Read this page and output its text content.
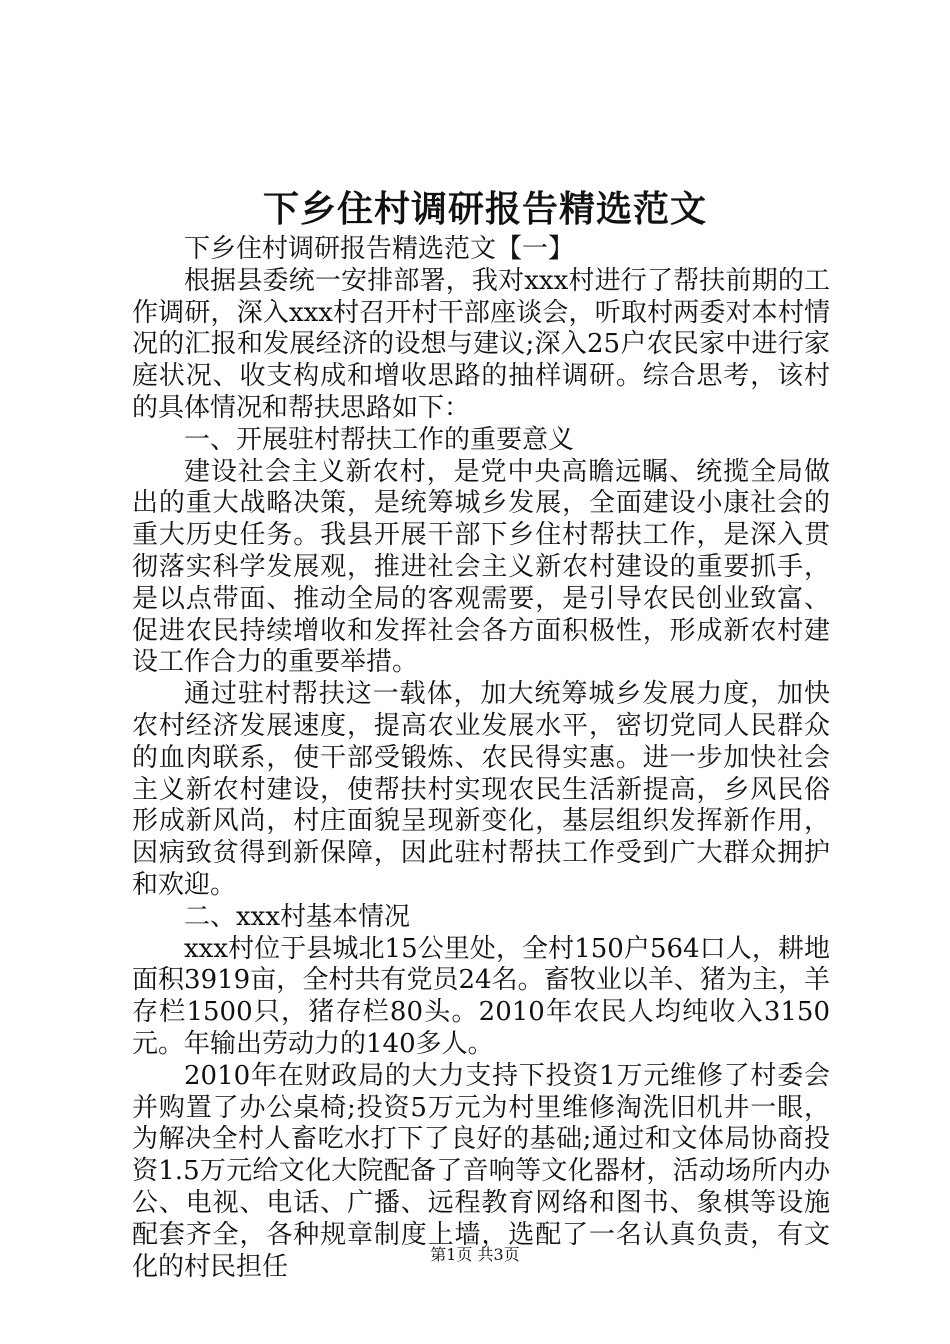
下乡住村调研报告精选范文

下乡住村调研报告精选范文【一】

根据县委统一安排部署，我对xxx村进行了帮扶前期的工作调研，深入xxx村召开村干部座谈会，听取村两委对本村情况的汇报和发展经济的设想与建议;深入25户农民家中进行家庭状况、收支构成和增收思路的抽样调研。综合思考，该村的具体情况和帮扶思路如下：

一、开展驻村帮扶工作的重要意义

建设社会主义新农村，是党中央高瞻远瞩、统揽全局做出的重大战略决策，是统筹城乡发展，全面建设小康社会的重大历史任务。我县开展干部下乡住村帮扶工作，是深入贯彻落实科学发展观，推进社会主义新农村建设的重要抓手，是以点带面、推动全局的客观需要，是引导农民创业致富、促进农民持续增收和发挥社会各方面积极性，形成新农村建设工作合力的重要举措。

通过驻村帮扶这一载体，加大统筹城乡发展力度，加快农村经济发展速度，提高农业发展水平，密切党同人民群众的血肉联系，使干部受锻炼、农民得实惠。进一步加快社会主义新农村建设，使帮扶村实现农民生活新提高，乡风民俗形成新风尚，村庄面貌呈现新变化，基层组织发挥新作用，因病致贫得到新保障，因此驻村帮扶工作受到广大群众拥护和欢迎。

二、xxx村基本情况

xxx村位于县城北15公里处，全村150户564口人，耕地面积3919亩，全村共有党员24名。畜牧业以羊、猪为主，羊存栏1500只，猪存栏80头。2010年农民人均纯收入3150元。年输出劳动力的140多人。

2010年在财政局的大力支持下投资1万元维修了村委会并购置了办公桌椅;投资5万元为村里维修淘洗旧机井一眼，为解决全村人畜吃水打下了良好的基础;通过和文体局协商投资1.5万元给文化大院配备了音响等文化器材，活动场所内办公、电视、电话、广播、远程教育网络和图书、象棋等设施配套齐全，各种规章制度上墙，选配了一名认真负责，有文化的村民担任	第1页 共3页
